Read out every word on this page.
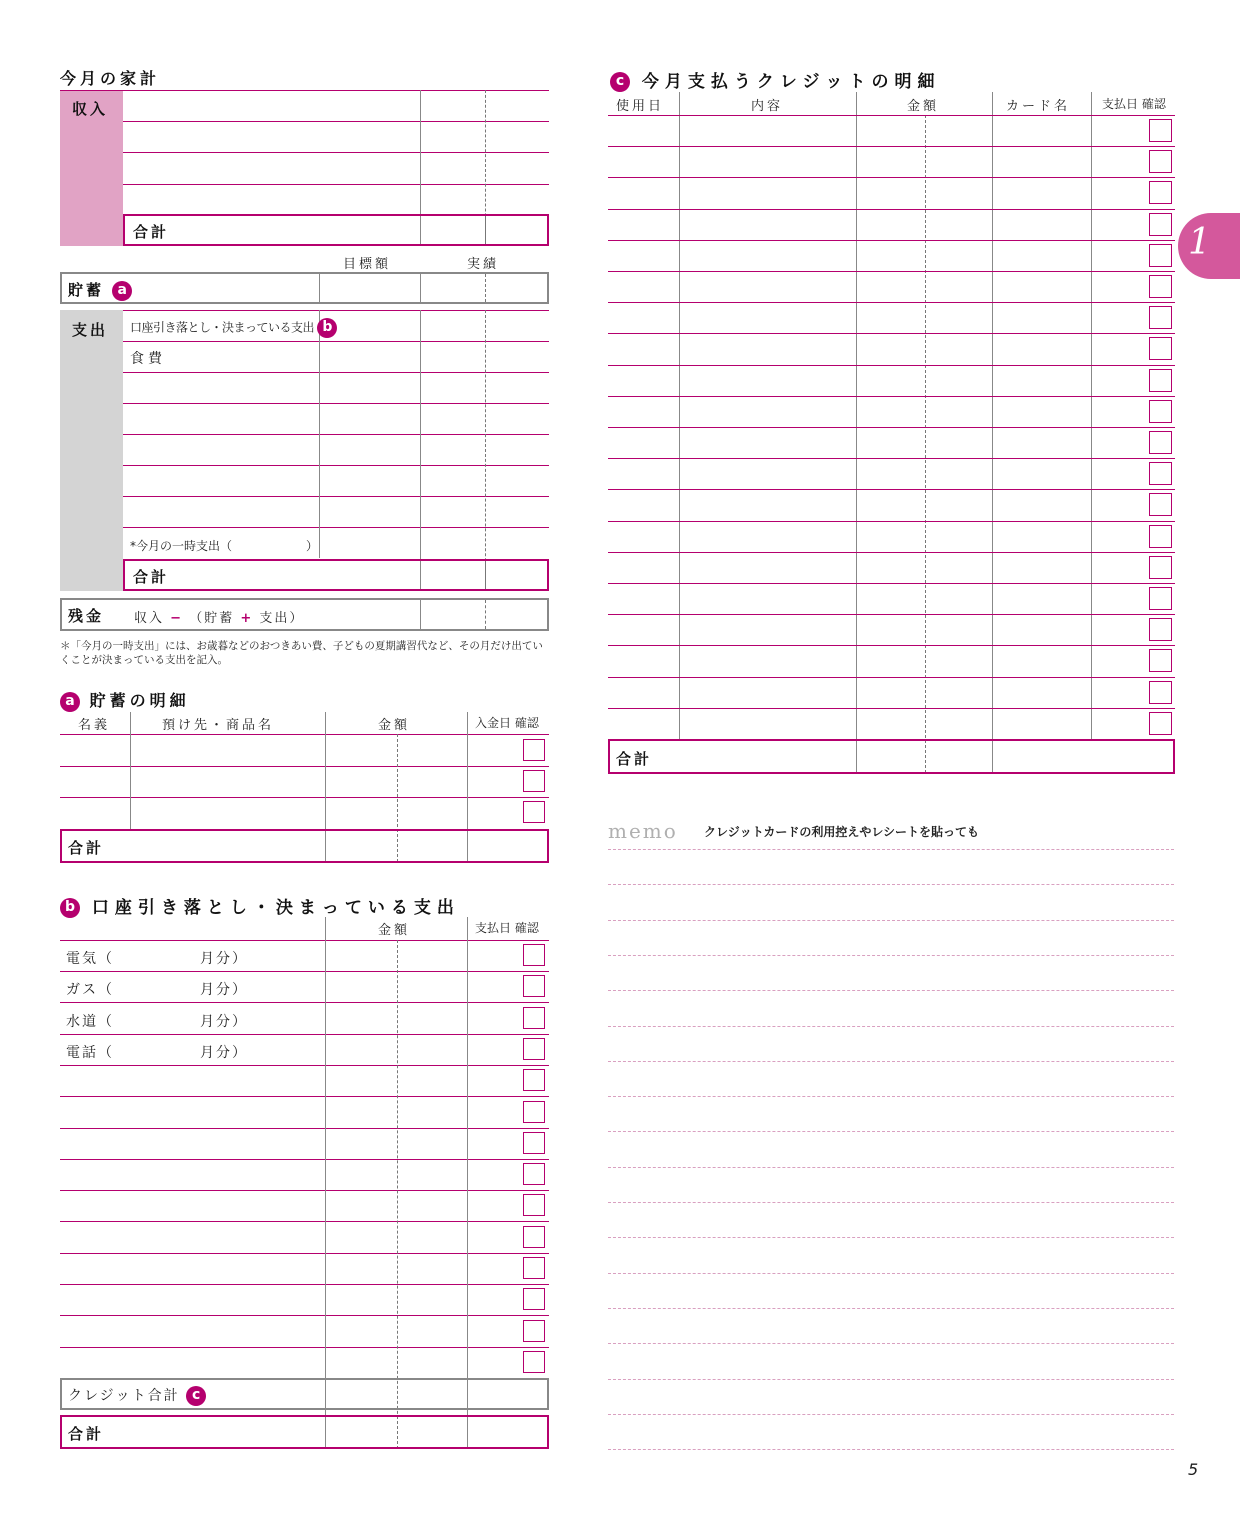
今月の家計
収入
合計
目標額	実績
貯蓄 a
支出 口座引き落とし・決まっている支出 b
食費
*今月の一時支出（	）
合計
残金 収入 − （貯蓄 + 支出）
＊「今月の一時支出」には、お歳暮などのおつきあい費、子どもの夏期講習代など、その月だけ出ていくことが決まっている支出を記入。
a 貯蓄の明細
名義	預け先・商品名	金額	入金日 確認
合計
b 口座引き落とし・決まっている支出
金額	支払日 確認
電気（	月分）
ガス（	月分）
水道（	月分）
電話（	月分）
クレジット合計 c
合計
c 今月支払うクレジットの明細
使用日	内容	金額	カード名	支払日 確認
合計
memo クレジットカードの利用控えやレシートを貼っても
1
5
